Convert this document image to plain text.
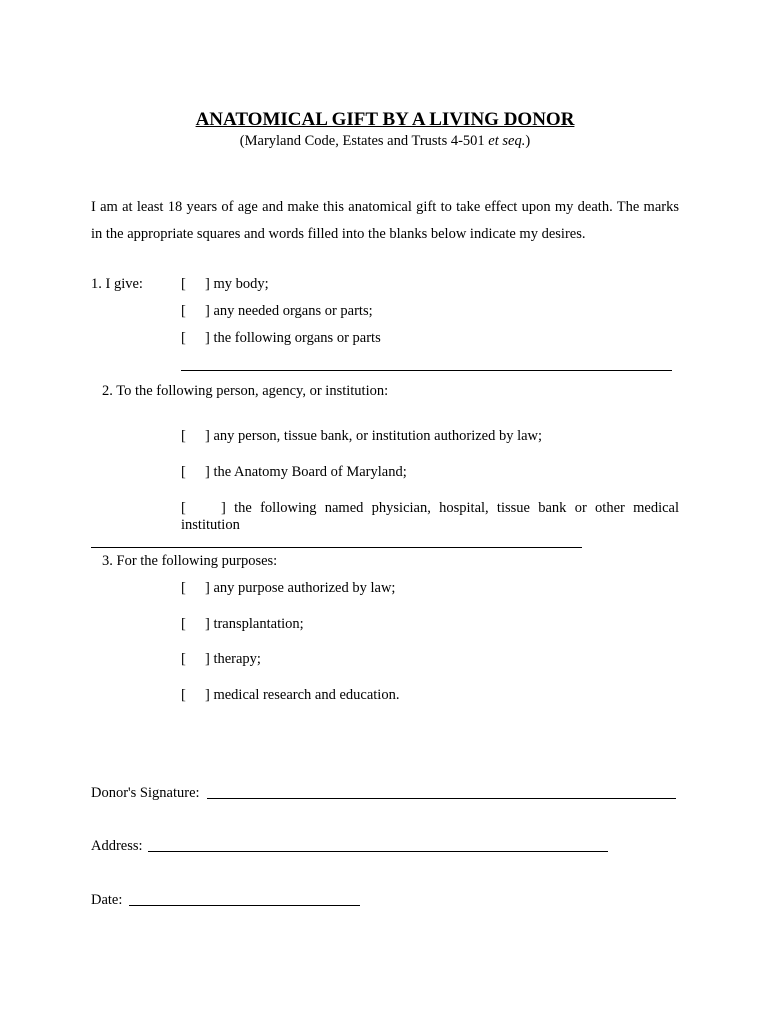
ANATOMICAL GIFT BY A LIVING DONOR
(Maryland Code, Estates and Trusts 4-501 et seq.)
I am at least 18 years of age and make this anatomical gift to take effect upon my death. The marks in the appropriate squares and words filled into the blanks below indicate my desires.
1. I give:	[ ] my body;
[ ] any needed organs or parts;
[ ] the following organs or parts
2. To the following person, agency, or institution:
[ ] any person, tissue bank, or institution authorized by law;
[ ] the Anatomy Board of Maryland;
[ ] the following named physician, hospital, tissue bank or other medical institution
3. For the following purposes:
[ ] any purpose authorized by law;
[ ] transplantation;
[ ] therapy;
[ ] medical research and education.
Donor's Signature:
Address:
Date:
